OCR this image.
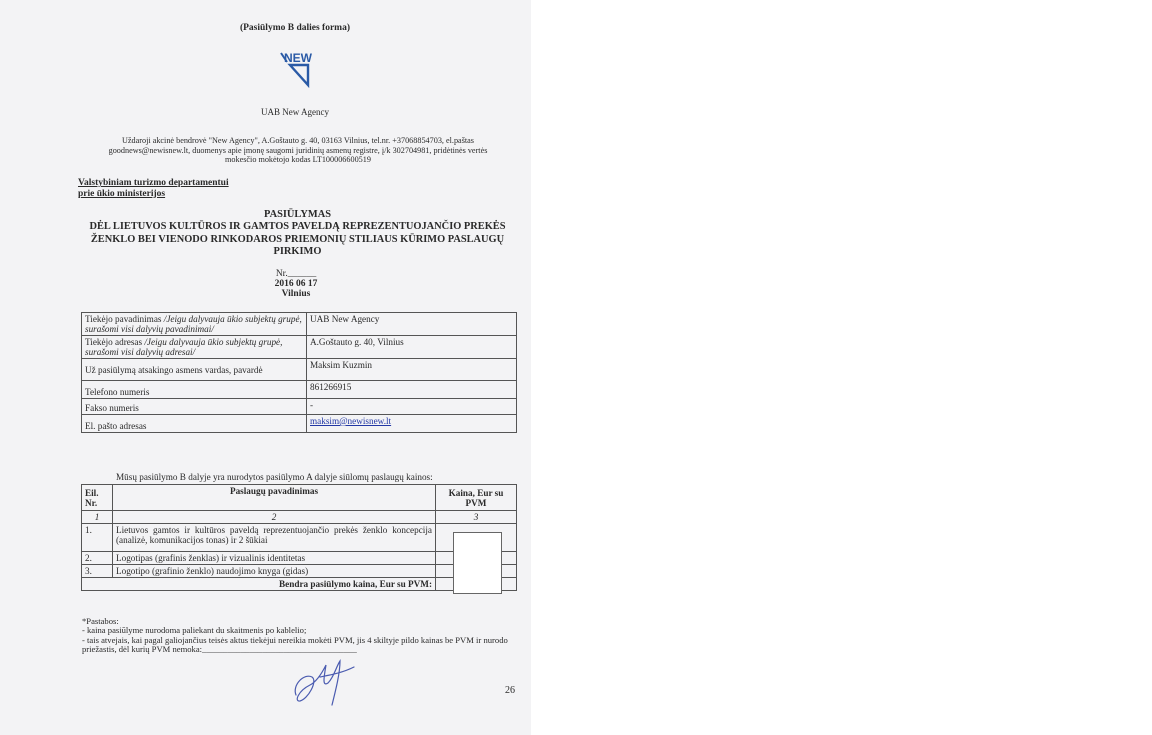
(Pasiūlymo B dalies forma)
NEW
UAB New Agency
Uždaroji akcinė bendrovė "New Agency", A.Goštauto g. 40, 03163 Vilnius, tel.nr. +37068854703, el.paštas
goodnews@newisnew.lt, duomenys apie įmonę saugomi juridinių asmenų registre, į/k 302704981, pridėtinės vertės
mokesčio mokėtojo kodas LT100006600519
Valstybiniam turizmo departamentui
prie ūkio ministerijos
PASIŪLYMAS
DĖL LIETUVOS KULTŪROS IR GAMTOS PAVELDĄ REPREZENTUOJANČIO PREKĖS
ŽENKLO BEI VIENODO RINKODAROS PRIEMONIŲ STILIAUS KŪRIMO PASLAUGŲ
PIRKIMO
Nr.______
2016 06 17
Vilnius
Tiekėjo pavadinimas /Jeigu dalyvauja ūkio subjektų grupė, surašomi visi dalyvių pavadinimai/	UAB New Agency
Tiekėjo adresas /Jeigu dalyvauja ūkio subjektų grupė, surašomi visi dalyvių adresai/	A.Goštauto g. 40, Vilnius
Už pasiūlymą atsakingo asmens vardas, pavardė	Maksim Kuzmin
Telefono numeris	861266915
Fakso numeris	-
El. pašto adresas	maksim@newisnew.lt
Mūsų pasiūlymo B dalyje yra nurodytos pasiūlymo A dalyje siūlomų paslaugų kainos:
Eil. Nr.	Paslaugų pavadinimas	Kaina, Eur su PVM
1	2	3
1.	Lietuvos gamtos ir kultūros paveldą reprezentuojančio prekės ženklo koncepcija (analizė, komunikacijos tonas) ir 2 šūkiai	
2.	Logotipas (grafinis ženklas) ir vizualinis identitetas	
3.	Logotipo (grafinio ženklo) naudojimo knyga (gidas)	
Bendra pasiūlymo kaina, Eur su PVM:	
*Pastabos:
- kaina pasiūlyme nurodoma paliekant du skaitmenis po kablelio;
- tais atvejais, kai pagal galiojančius teisės aktus tiekėjui nereikia mokėti PVM, jis 4 skiltyje pildo kainas be PVM ir nurodo priežastis, dėl kurių PVM nemoka:____________________________________
26
